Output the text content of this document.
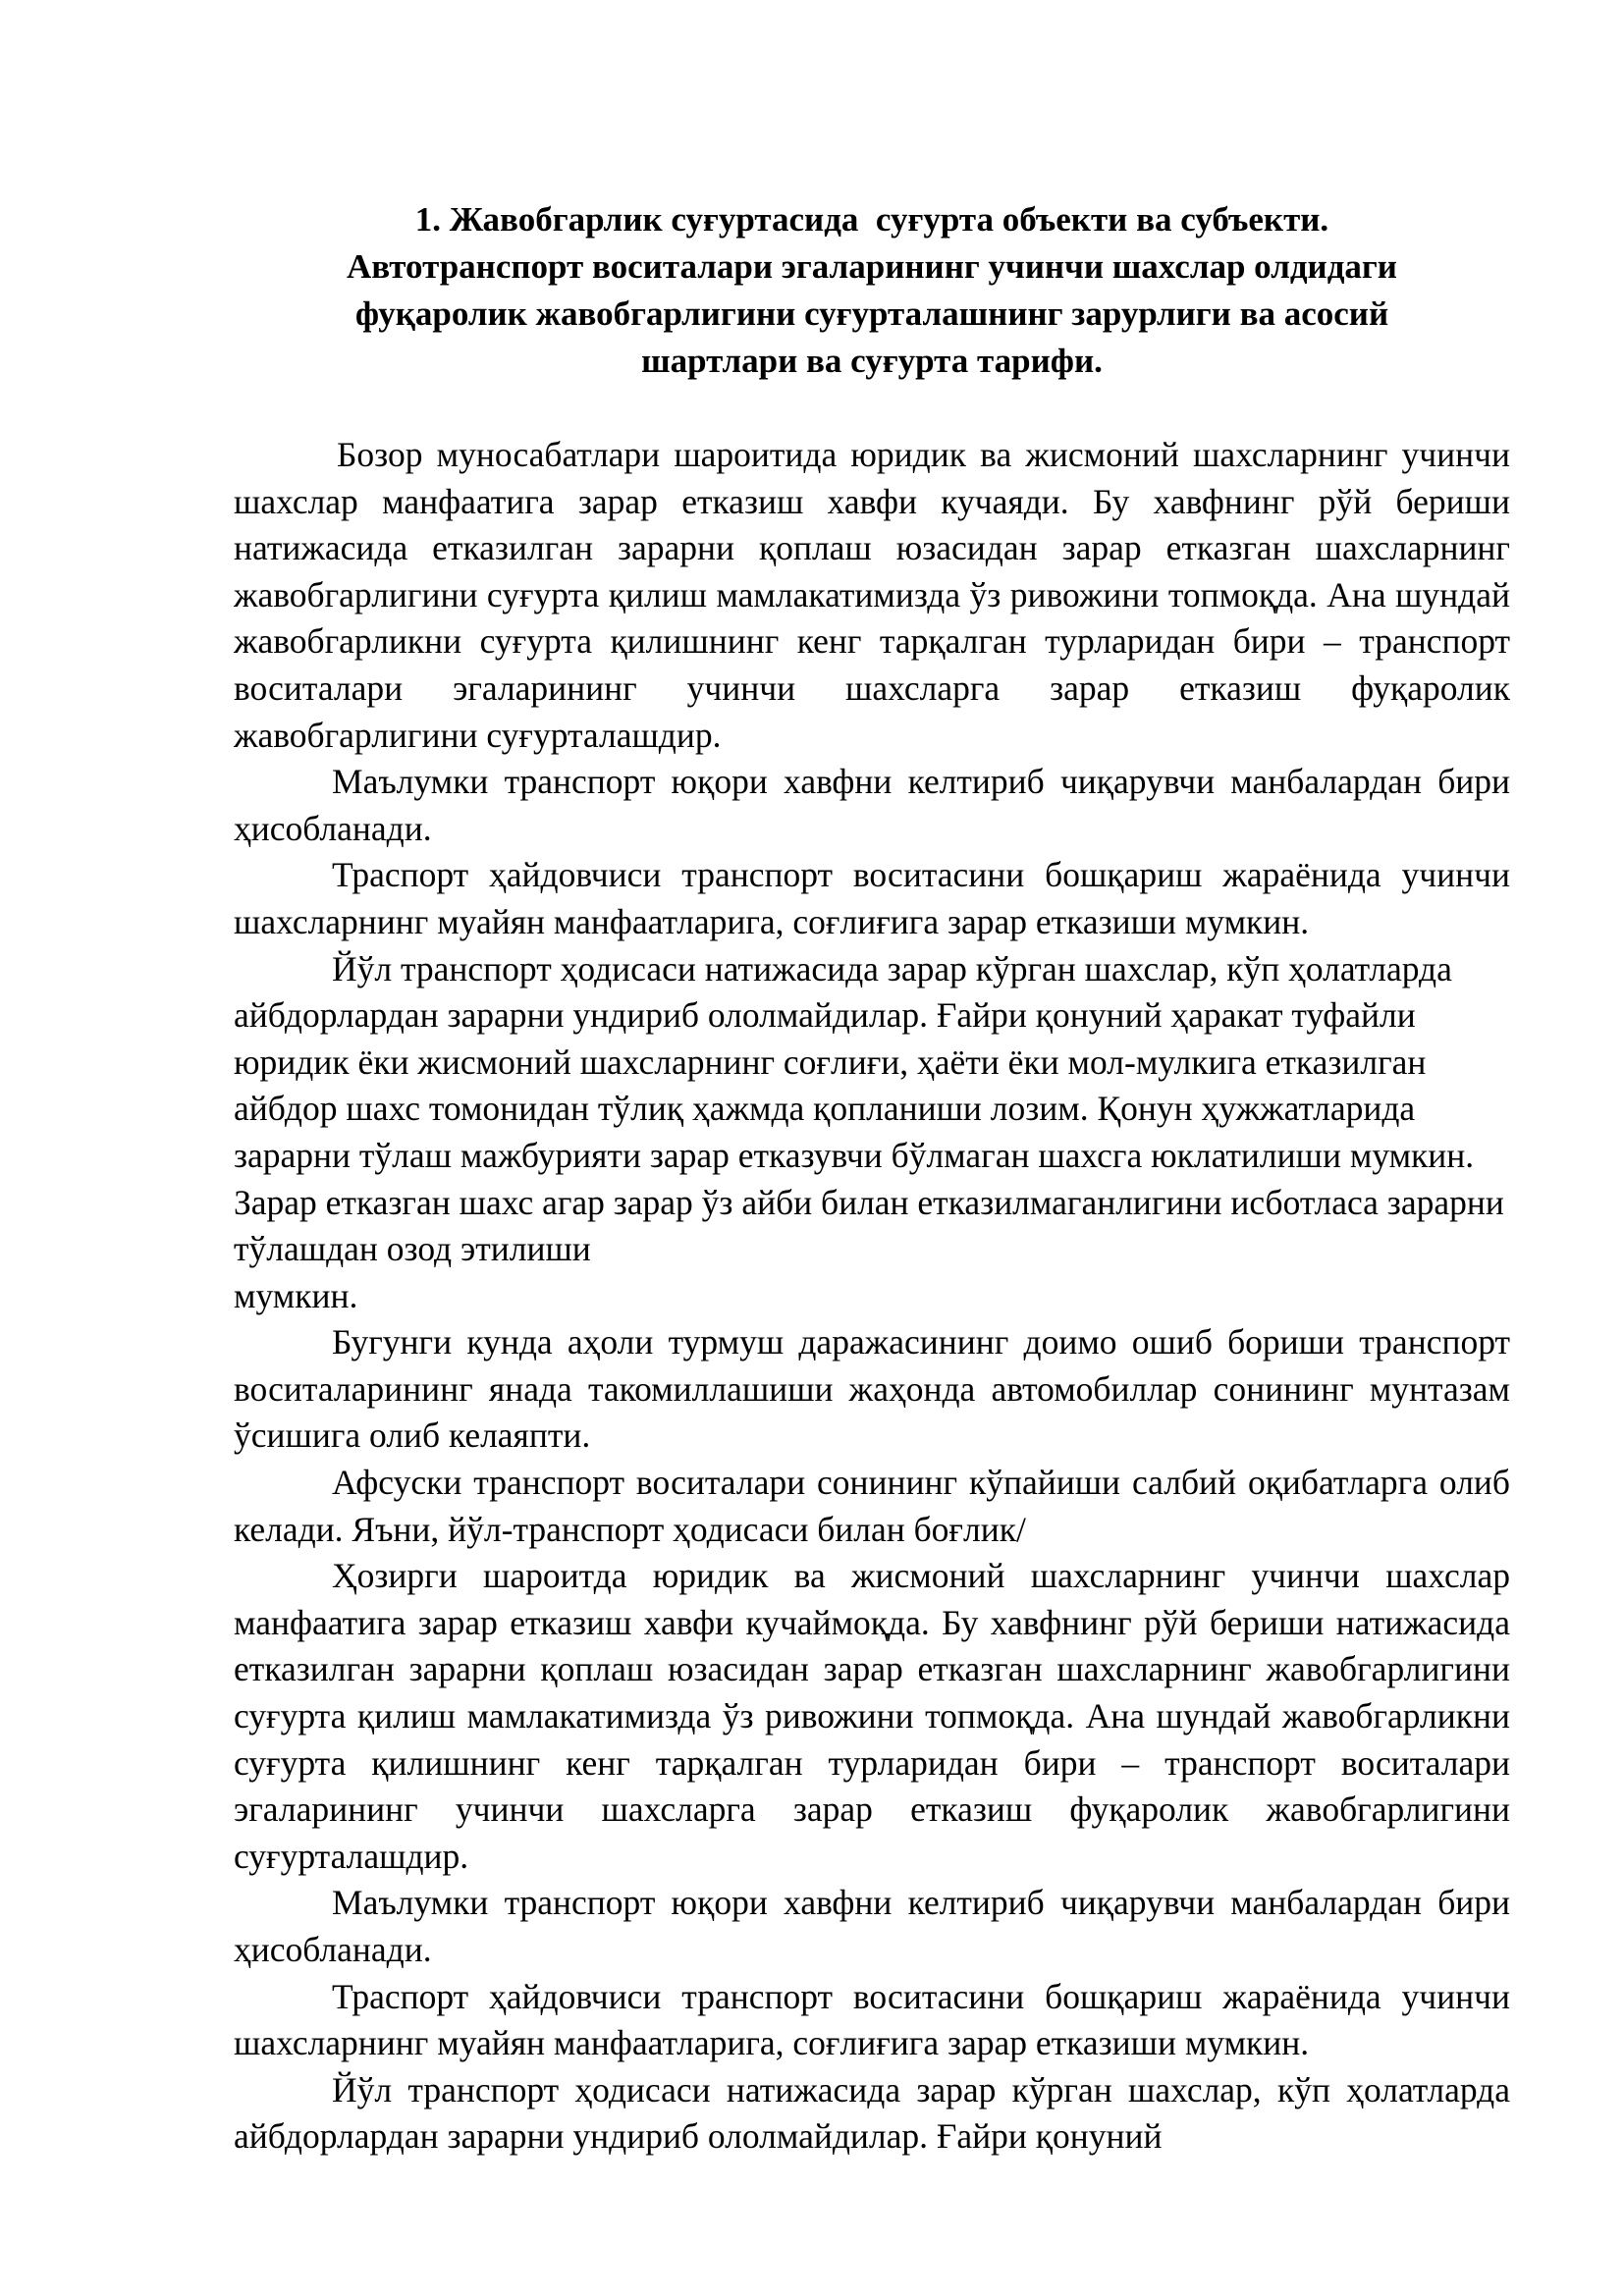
1. Жавобгарлик суғуртасида  суғурта объекти ва субъекти.
Автотранспорт воситалари эгаларининг учинчи шахслар олдидаги
фуқаролик жавобгарлигини суғурталашнинг зарурлиги ва асосий
шартлари ва суғурта тарифи.

Бозор муносабатлари шароитида юридик ва жисмоний шахсларнинг учинчи шахслар манфаатига зарар етказиш хавфи кучаяди. Бу хавфнинг рўй бериши натижасида етказилган зарарни қоплаш юзасидан зарар етказган шахсларнинг жавобгарлигини суғурта қилиш мамлакатимизда ўз ривожини топмоқда. Ана шундай жавобгарликни суғурта қилишнинг кенг тарқалган турларидан бири – транспорт воситалари эгаларининг учинчи шахсларга зарар етказиш фуқаролик жавобгарлигини суғурталашдир.

Маълумки транспорт юқори хавфни келтириб чиқарувчи манбалардан бири ҳисобланади.

Траспорт ҳайдовчиси транспорт воситасини бошқариш жараёнида учинчи шахсларнинг муайян манфаатларига, соғлиғига зарар етказиши мумкин.

Йўл транспорт ҳодисаси натижасида зарар кўрган шахслар, кўп ҳолатларда айбдорлардан зарарни ундириб ололмайдилар. Ғайри қонуний ҳаракат туфайли юридик ёки жисмоний шахсларнинг соғлиғи, ҳаёти ёки мол-мулкига етказилган айбдор шахс томонидан тўлиқ ҳажмда қопланиши лозим. Қонун ҳужжатларида зарарни тўлаш мажбурияти зарар етказувчи бўлмаган шахсга юклатилиши мумкин. Зарар етказган шахс агар зарар ўз айби билан етказилмаганлигини исботласа зарарни тўлашдан озод этилиши

мумкин.

Бугунги кунда аҳоли турмуш даражасининг доимо ошиб бориши транспорт воситаларининг янада такомиллашиши жаҳонда автомобиллар сонининг мунтазам ўсишига олиб келаяпти.

Афсуски транспорт воситалари сонининг кўпайиши салбий оқибатларга олиб келади. Яъни, йўл-транспорт ҳодисаси билан боғлик/

Ҳозирги шароитда юридик ва жисмоний шахсларнинг учинчи шахслар манфаатига зарар етказиш хавфи кучаймоқда. Бу хавфнинг рўй бериши натижасида етказилган зарарни қоплаш юзасидан зарар етказган шахсларнинг жавобгарлигини суғурта қилиш мамлакатимизда ўз ривожини топмоқда. Ана шундай жавобгарликни суғурта қилишнинг кенг тарқалган турларидан бири – транспорт воситалари эгаларининг учинчи шахсларга зарар етказиш фуқаролик жавобгарлигини суғурталашдир.

Маълумки транспорт юқори хавфни келтириб чиқарувчи манбалардан бири ҳисобланади.

Траспорт ҳайдовчиси транспорт воситасини бошқариш жараёнида учинчи шахсларнинг муайян манфаатларига, соғлиғига зарар етказиши мумкин.

Йўл транспорт ҳодисаси натижасида зарар кўрган шахслар, кўп ҳолатларда айбдорлардан зарарни ундириб ололмайдилар. Ғайри қонуний
